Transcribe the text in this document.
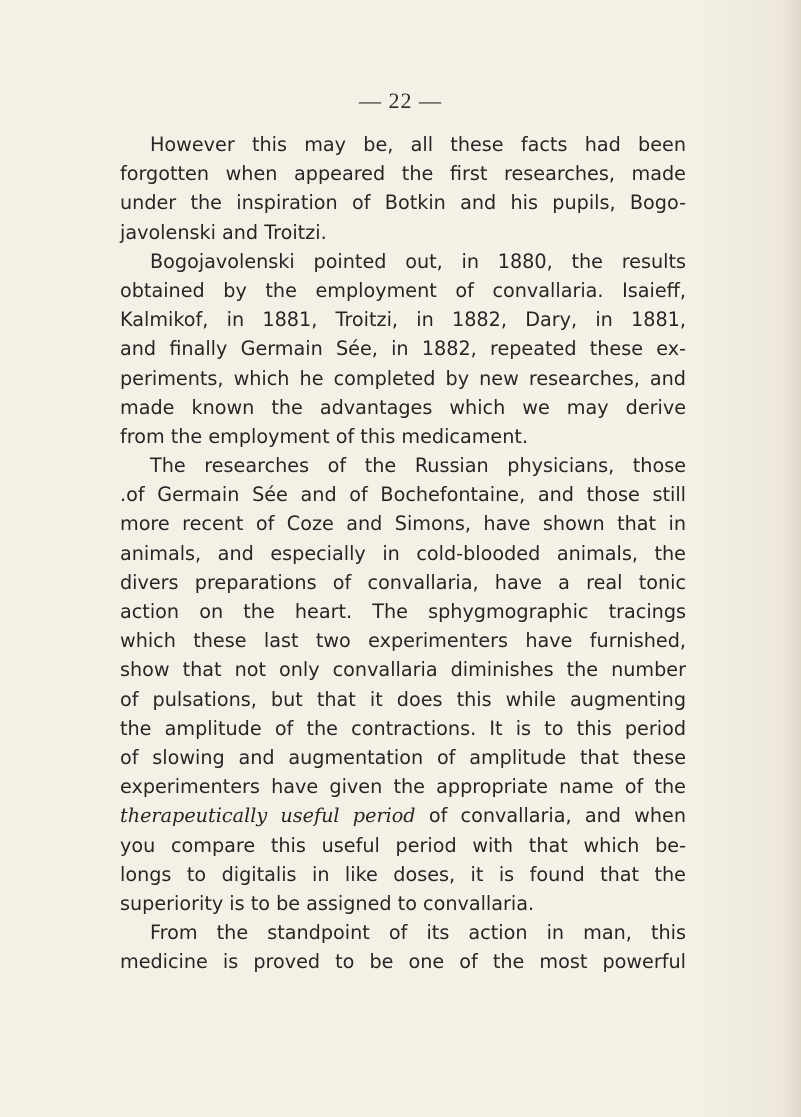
— 22 —
However this may be, all these facts had been
forgotten when appeared the first researches, made
under the inspiration of Botkin and his pupils, Bogo-
javolenski and Troitzi.
Bogojavolenski pointed out, in 1880, the results
obtained by the employment of convallaria. Isaieff,
Kalmikof, in 1881, Troitzi, in 1882, Dary, in 1881,
and finally Germain Sée, in 1882, repeated these ex-
periments, which he completed by new researches, and
made known the advantages which we may derive
from the employment of this medicament.
The researches of the Russian physicians, those
.of Germain Sée and of Bochefontaine, and those still
more recent of Coze and Simons, have shown that in
animals, and especially in cold-blooded animals, the
divers preparations of convallaria, have a real tonic
action on the heart. The sphygmographic tracings
which these last two experimenters have furnished,
show that not only convallaria diminishes the number
of pulsations, but that it does this while augmenting
the amplitude of the contractions. It is to this period
of slowing and augmentation of amplitude that these
experimenters have given the appropriate name of the
therapeutically useful period of convallaria, and when
you compare this useful period with that which be-
longs to digitalis in like doses, it is found that the
superiority is to be assigned to convallaria.
From the standpoint of its action in man, this
medicine is proved to be one of the most powerful
